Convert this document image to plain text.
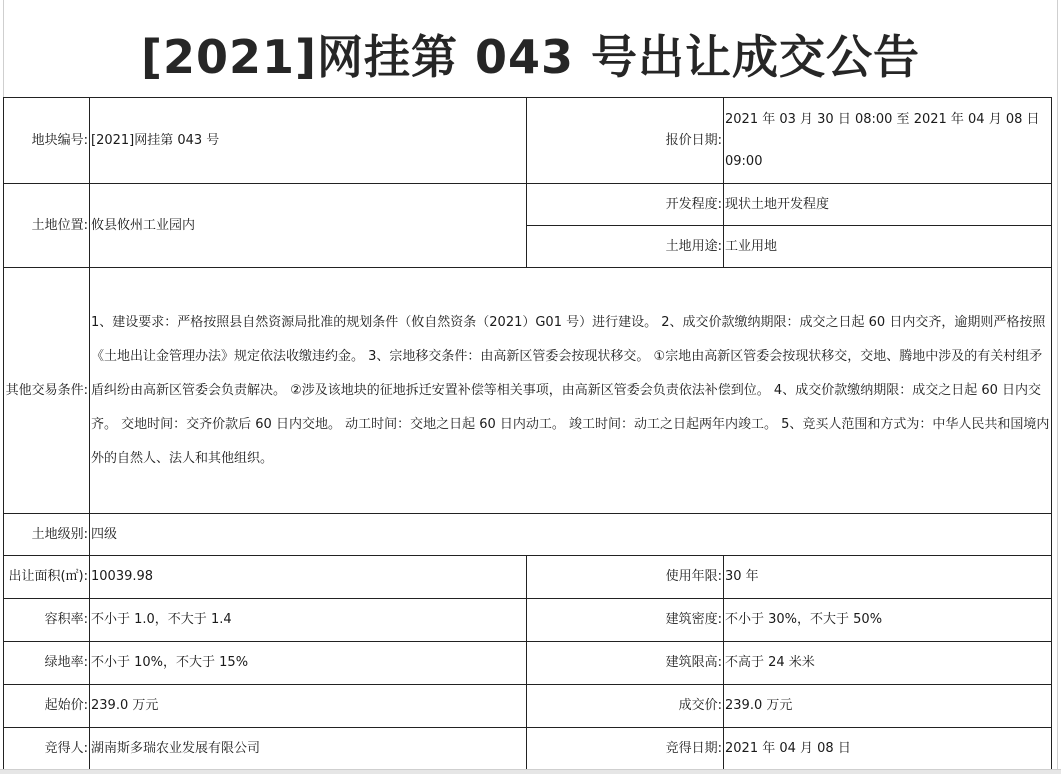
[2021]网挂第 043 号出让成交公告
地块编号:	[2021]网挂第 043 号	报价日期:	2021 年 03 月 30 日 08:00 至 2021 年 04 月 08 日 09:00
土地位置:	攸县攸州工业园内	开发程度:	现状土地开发程度
		土地用途:	工业用地
其他交易条件:	1、建设要求：严格按照县自然资源局批准的规划条件（攸自然资条（2021）G01 号）进行建设。 2、成交价款缴纳期限：成交之日起 60 日内交齐，逾期则严格按照《土地出让金管理办法》规定依法收缴违约金。 3、宗地移交条件：由高新区管委会按现状移交。 ①宗地由高新区管委会按现状移交，交地、腾地中涉及的有关村组矛盾纠纷由高新区管委会负责解决。 ②涉及该地块的征地拆迁安置补偿等相关事项，由高新区管委会负责依法补偿到位。 4、成交价款缴纳期限：成交之日起 60 日内交齐。 交地时间：交齐价款后 60 日内交地。 动工时间：交地之日起 60 日内动工。 竣工时间：动工之日起两年内竣工。 5、竞买人范围和方式为：中华人民共和国境内外的自然人、法人和其他组织。		
土地级别:	四级		
出让面积(㎡):	10039.98	使用年限:	30 年
容积率:	不小于 1.0，不大于 1.4	建筑密度:	不小于 30%，不大于 50%
绿地率:	不小于 10%，不大于 15%	建筑限高:	不高于 24 米米
起始价:	239.0 万元	成交价:	239.0 万元
竞得人:	湖南斯多瑞农业发展有限公司	竞得日期:	2021 年 04 月 08 日
